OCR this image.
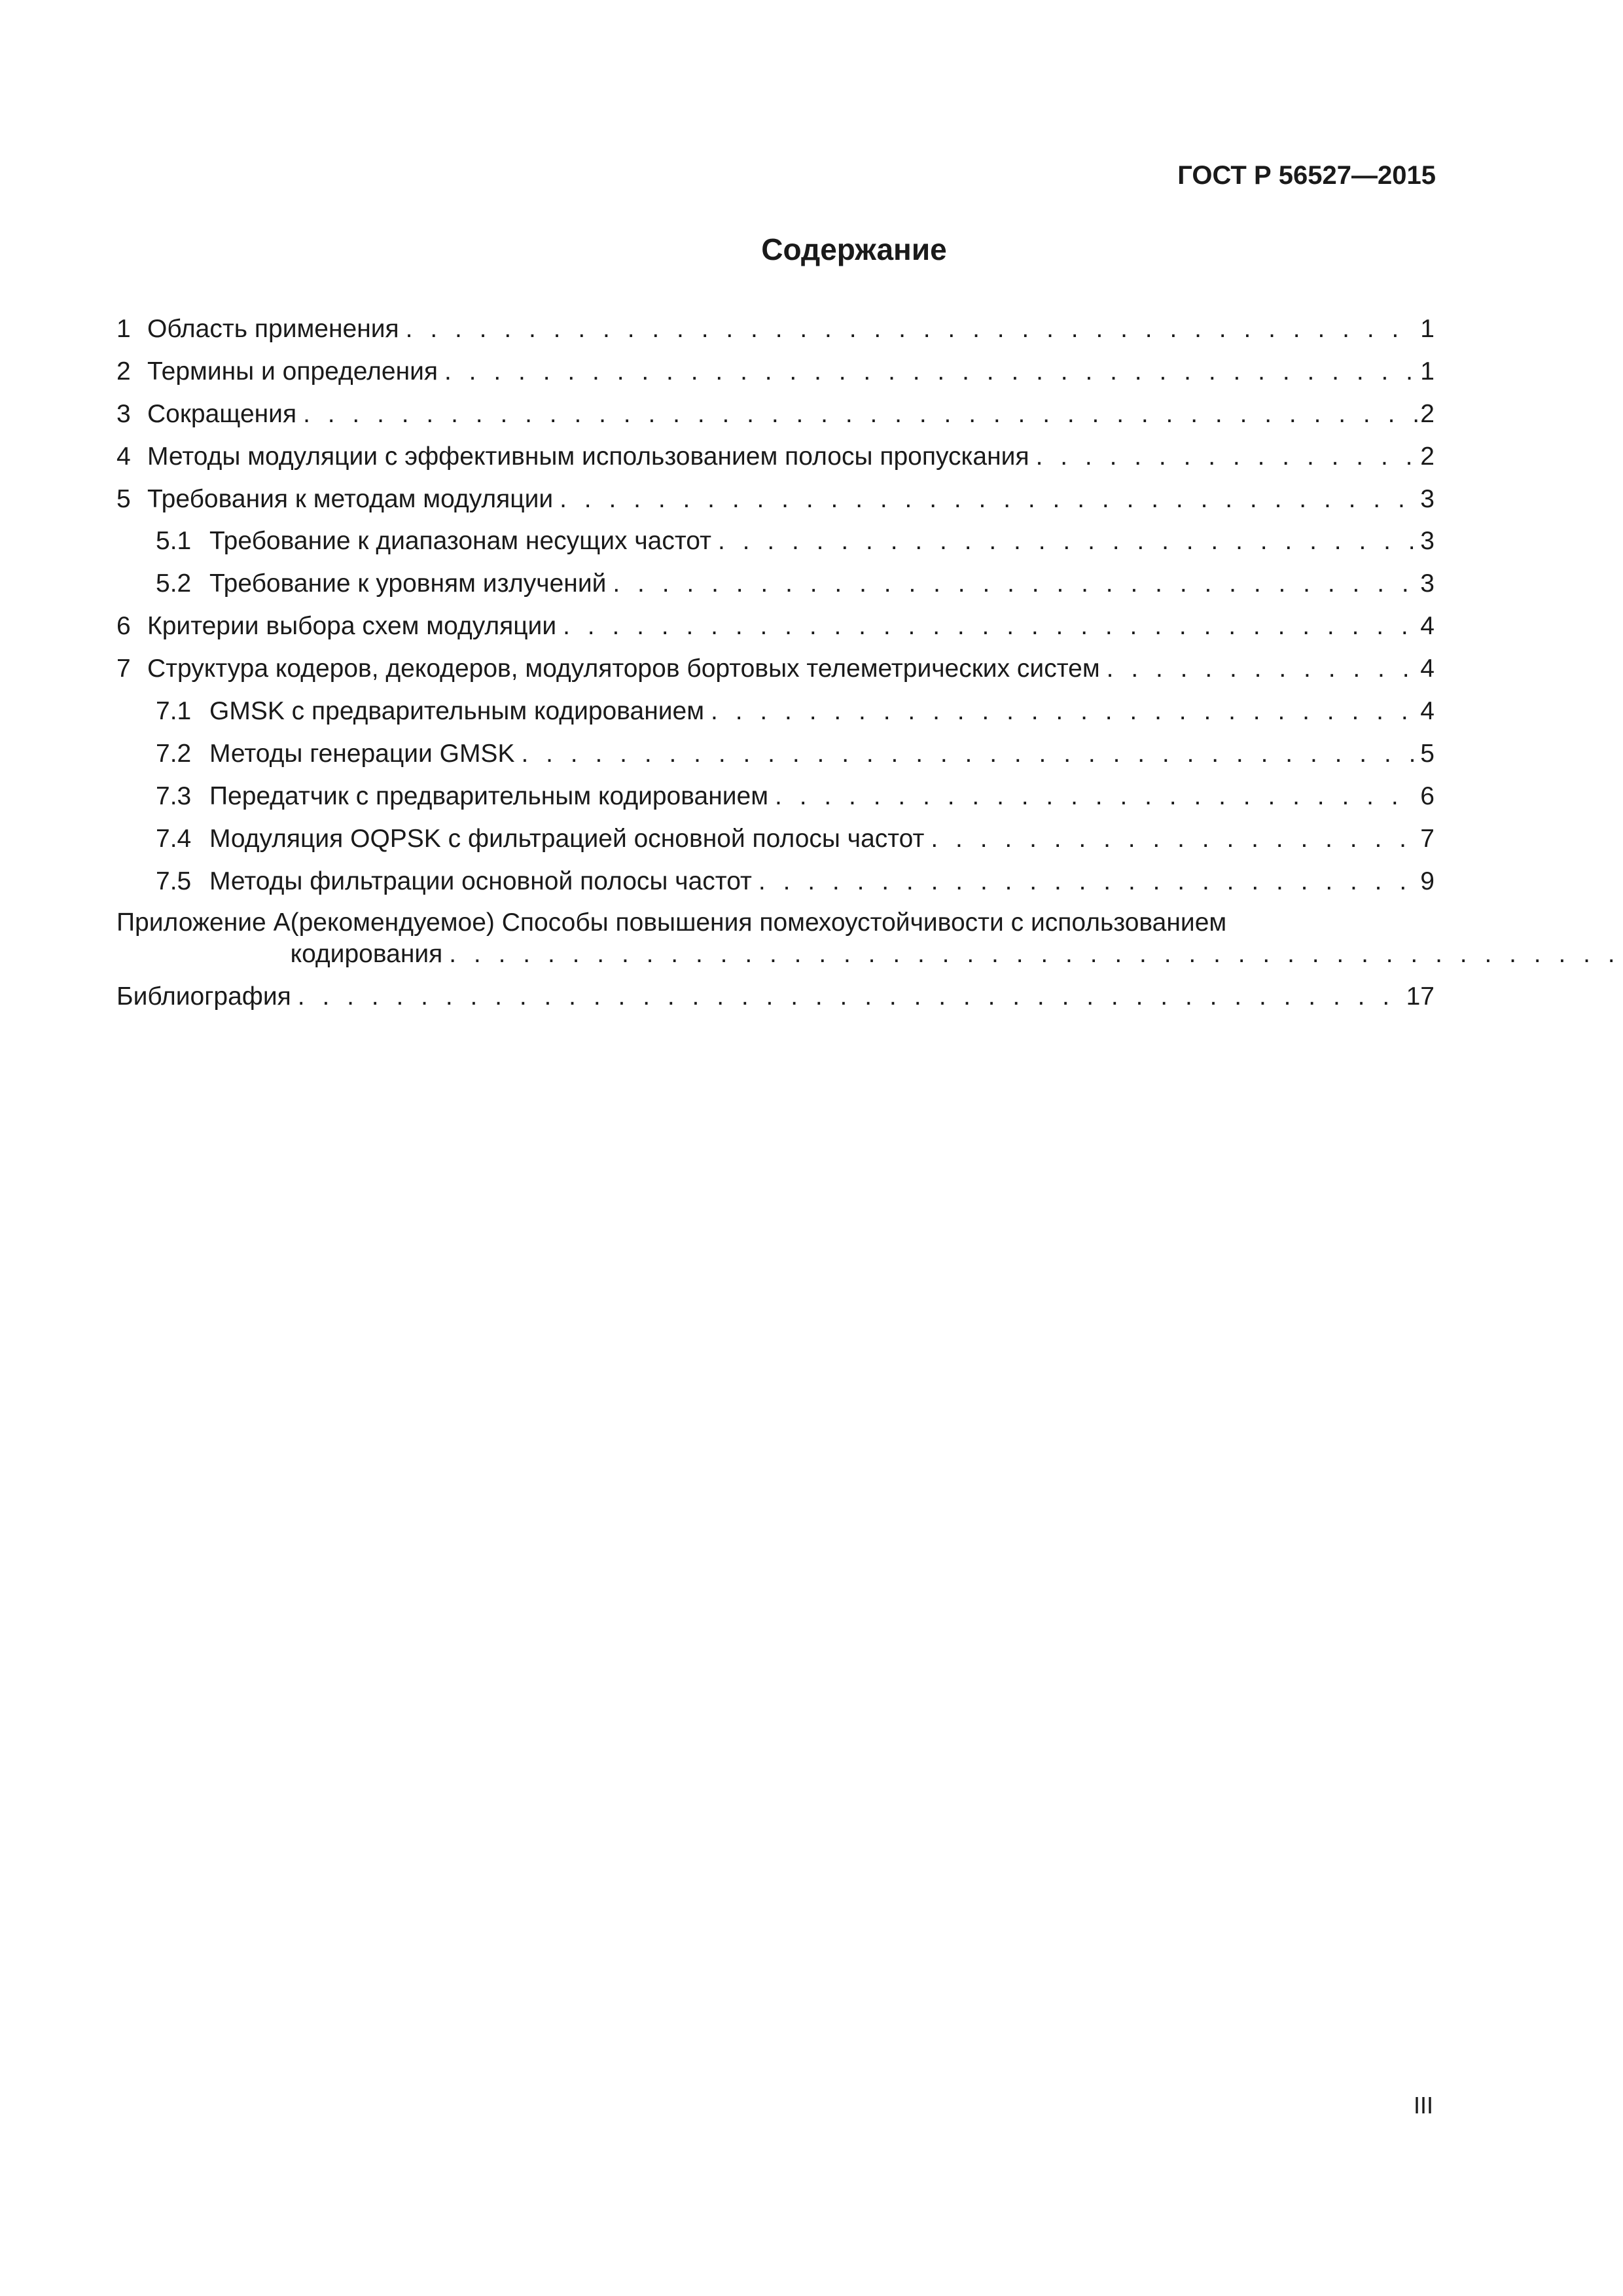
ГОСТ Р 56527—2015
Содержание
1 Область применения . . .	1
2 Термины и определения . . .	1
3 Сокращения . . .	2
4 Методы модуляции с эффективным использованием полосы пропускания . . .	2
5 Требования к методам модуляции . . .	3
5.1 Требование к диапазонам несущих частот . . .	3
5.2 Требование к уровням излучений . . .	3
6 Критерии выбора схем модуляции . . .	4
7 Структура кодеров, декодеров, модуляторов бортовых телеметрических систем . . .	4
7.1 GMSK с предварительным кодированием . . .	4
7.2 Методы генерации GMSK . . .	5
7.3 Передатчик с предварительным кодированием . . .	6
7.4 Модуляция OQPSK с фильтрацией основной полосы частот . . .	7
7.5 Методы фильтрации основной полосы частот . . .	9
Приложение А (рекомендуемое) Способы повышения помехоустойчивости с использованием
кодирования
. . .
Библиография . . .	17
III
